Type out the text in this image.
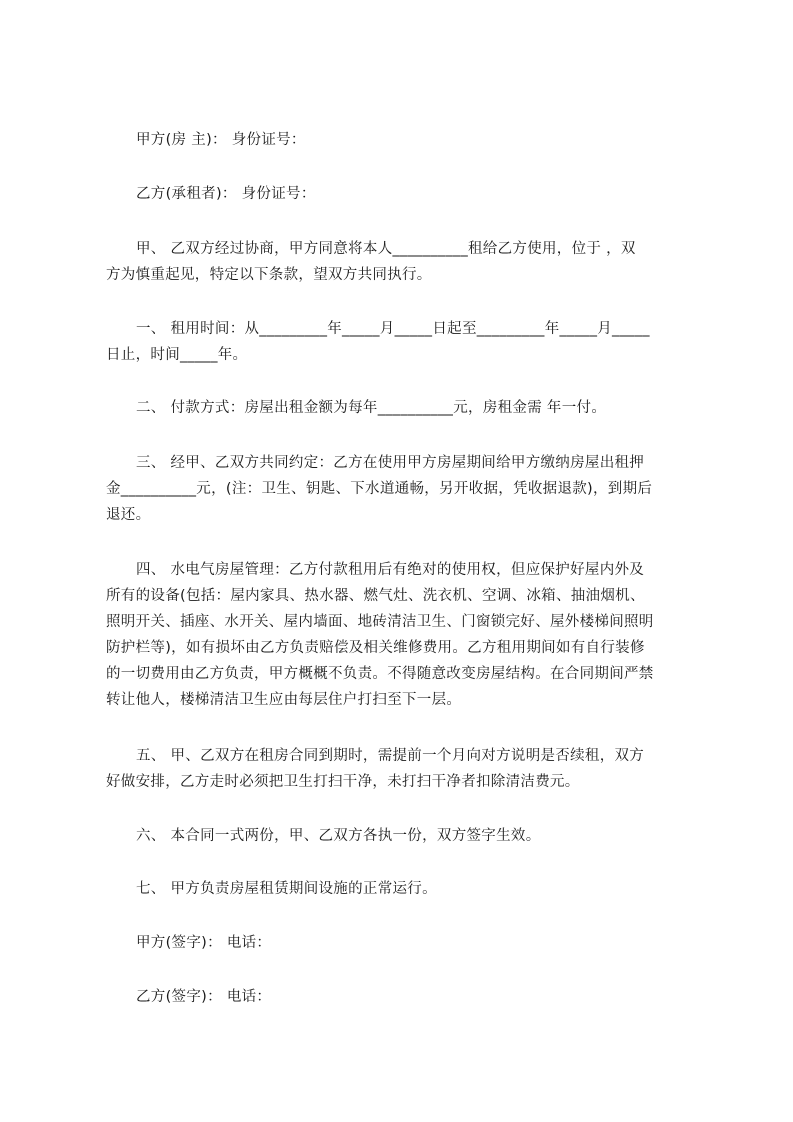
甲方(房 主)： 身份证号：
乙方(承租者)： 身份证号：
甲、 乙双方经过协商，甲方同意将本人__________租给乙方使用，位于 ，双
方为慎重起见，特定以下条款，望双方共同执行。
一、 租用时间：从_________年_____月_____日起至_________年_____月_____
日止，时间_____年。
二、 付款方式：房屋出租金额为每年__________元，房租金需 年一付。
三、 经甲、乙双方共同约定：乙方在使用甲方房屋期间给甲方缴纳房屋出租押
金__________元，(注：卫生、钥匙、下水道通畅，另开收据，凭收据退款)，到期后
退还。
四、 水电气房屋管理：乙方付款租用后有绝对的使用权，但应保护好屋内外及
所有的设备(包括：屋内家具、热水器、燃气灶、洗衣机、空调、冰箱、抽油烟机、
照明开关、插座、水开关、屋内墙面、地砖清洁卫生、门窗锁完好、屋外楼梯间照明
防护栏等)，如有损坏由乙方负责赔偿及相关维修费用。乙方租用期间如有自行装修
的一切费用由乙方负责，甲方概概不负责。不得随意改变房屋结构。在合同期间严禁
转让他人，楼梯清洁卫生应由每层住户打扫至下一层。
五、 甲、乙双方在租房合同到期时，需提前一个月向对方说明是否续租，双方
好做安排，乙方走时必须把卫生打扫干净，未打扫干净者扣除清洁费元。
六、 本合同一式两份，甲、乙双方各执一份，双方签字生效。
七、 甲方负责房屋租赁期间设施的正常运行。
甲方(签字)： 电话：
乙方(签字)： 电话：
